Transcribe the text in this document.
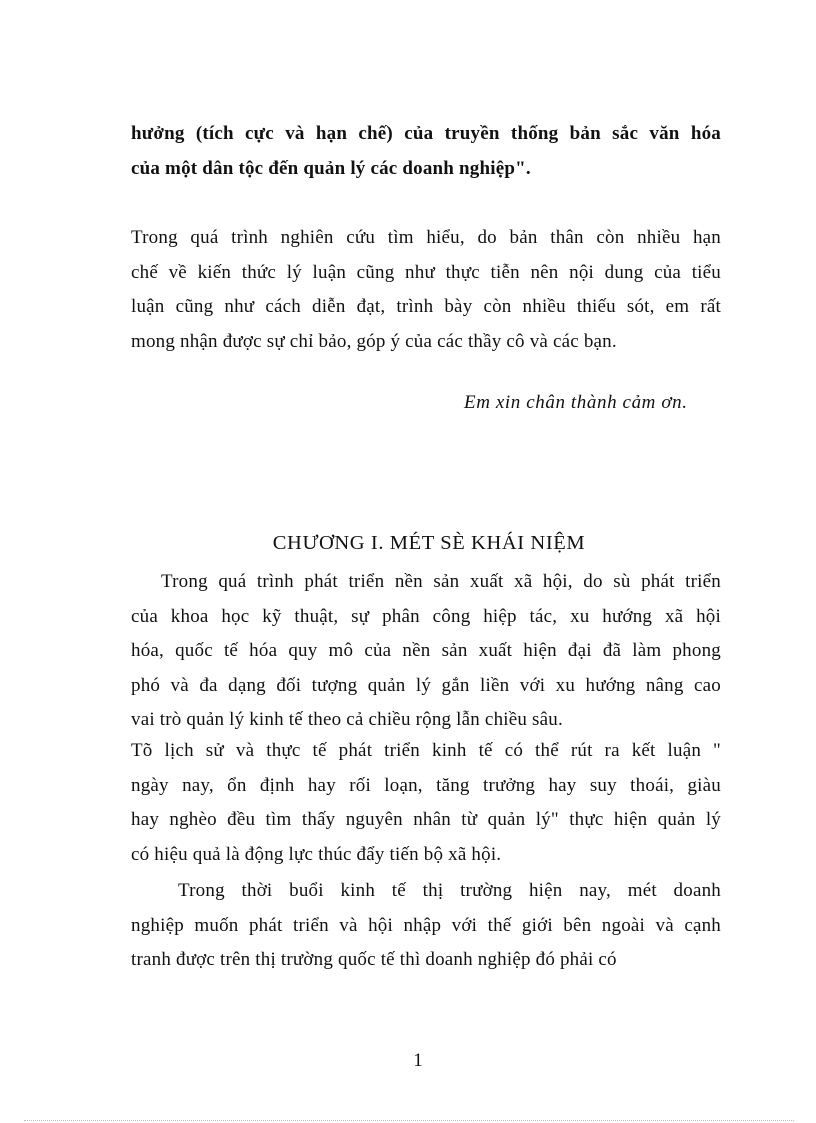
hưởng (tích cực và hạn chế) của truyền thống bản sắc văn hóa
của một dân tộc đến quản lý các doanh nghiệp".
Trong quá trình nghiên cứu tìm hiểu, do bản thân còn nhiều hạn
chế về kiến thức lý luận cũng như thực tiễn nên nội dung của tiểu
luận cũng như cách diễn đạt, trình bày còn nhiều thiếu sót, em rất
mong nhận được sự chỉ bảo, góp ý của các thầy cô và các bạn.
Em xin chân thành cảm ơn.
CHƯƠNG I. MÉT SÈ KHÁI NIỆM
Trong quá trình phát triển nền sản xuất xã hội, do sù phát triển
của khoa học kỹ thuật, sự phân công hiệp tác, xu hướng xã hội
hóa, quốc tế hóa quy mô của nền sản xuất hiện đại đã làm phong
phó và đa dạng đối tượng quản lý gắn liền với xu hướng nâng cao
vai trò quản lý kinh tế theo cả chiều rộng lẫn chiều sâu.
Tõ lịch sử và thực tế phát triển kinh tế có thể rút ra kết luận "
ngày nay, ổn định hay rối loạn, tăng trưởng hay suy thoái, giàu
hay nghèo đều tìm thấy nguyên nhân từ quản lý" thực hiện quản lý
có hiệu quả là động lực thúc đẩy tiến bộ xã hội.
Trong thời buổi kinh tế thị trường hiện nay, mét doanh
nghiệp muốn phát triển và hội nhập với thế giới bên ngoài và cạnh
tranh được trên thị trường quốc tế thì doanh nghiệp đó phải có
1
